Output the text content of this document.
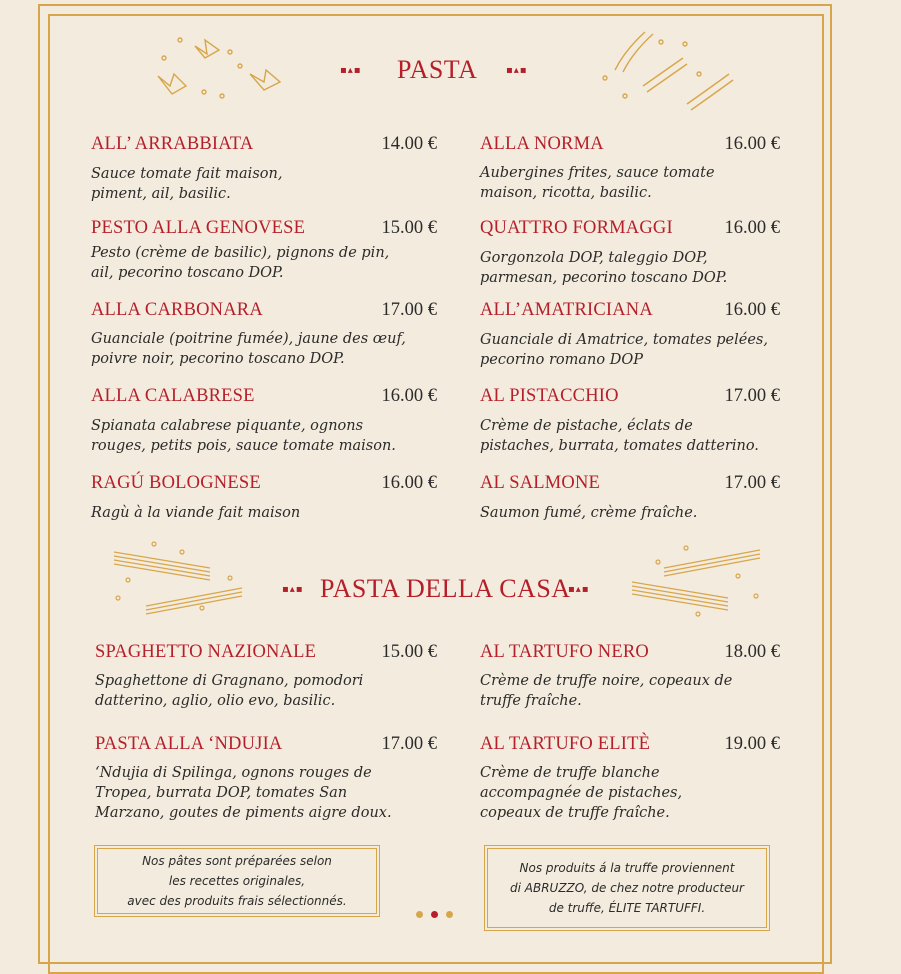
▪▴▪ PASTA	▪▴▪
ALL’ ARRABBIATA	14.00 €
Sauce tomate fait maison,
piment, ail, basilic.
PESTO ALLA GENOVESE	15.00 €
Pesto (crème de basilic), pignons de pin,
ail, pecorino toscano DOP.
ALLA CARBONARA	17.00 €
Guanciale (poitrine fumée), jaune des œuf,
poivre noir, pecorino toscano DOP.
ALLA CALABRESE	16.00 €
Spianata calabrese piquante, ognons
rouges, petits pois, sauce tomate maison.
RAGÚ BOLOGNESE	16.00 €
Ragù à la viande fait maison
ALLA NORMA	16.00 €
Aubergines frites, sauce tomate
maison, ricotta, basilic.
QUATTRO FORMAGGI	16.00 €
Gorgonzola DOP, taleggio DOP,
parmesan, pecorino toscano DOP.
ALL’AMATRICIANA	16.00 €
Guanciale di Amatrice, tomates pelées,
pecorino romano DOP
AL PISTACCHIO	17.00 €
Crème de pistache, éclats de
pistaches, burrata, tomates datterino.
AL SALMONE	17.00 €
Saumon fumé, crème fraîche.
▪▴▪ PASTA DELLA CASA
▪▴▪
SPAGHETTO NAZIONALE	15.00 €
Spaghettone di Gragnano, pomodori
datterino, aglio, olio evo, basilic.
PASTA ALLA ‘NDUJIA	17.00 €
‘Ndujia di Spilinga, ognons rouges de
Tropea, burrata DOP, tomates San
Marzano, goutes de piments aigre doux.
AL TARTUFO NERO	18.00 €
Crème de truffe noire, copeaux de
truffe fraîche.
AL TARTUFO ELITÈ	19.00 €
Crème de truffe blanche
accompagnée de pistaches,
copeaux de truffe fraîche.
Nos pâtes sont préparées selon
les recettes originales,
avec des produits frais sélectionnés.
Nos produits á la truffe proviennent
di ABRUZZO, de chez notre producteur
de truffe, ÉLITE TARTUFFI.
